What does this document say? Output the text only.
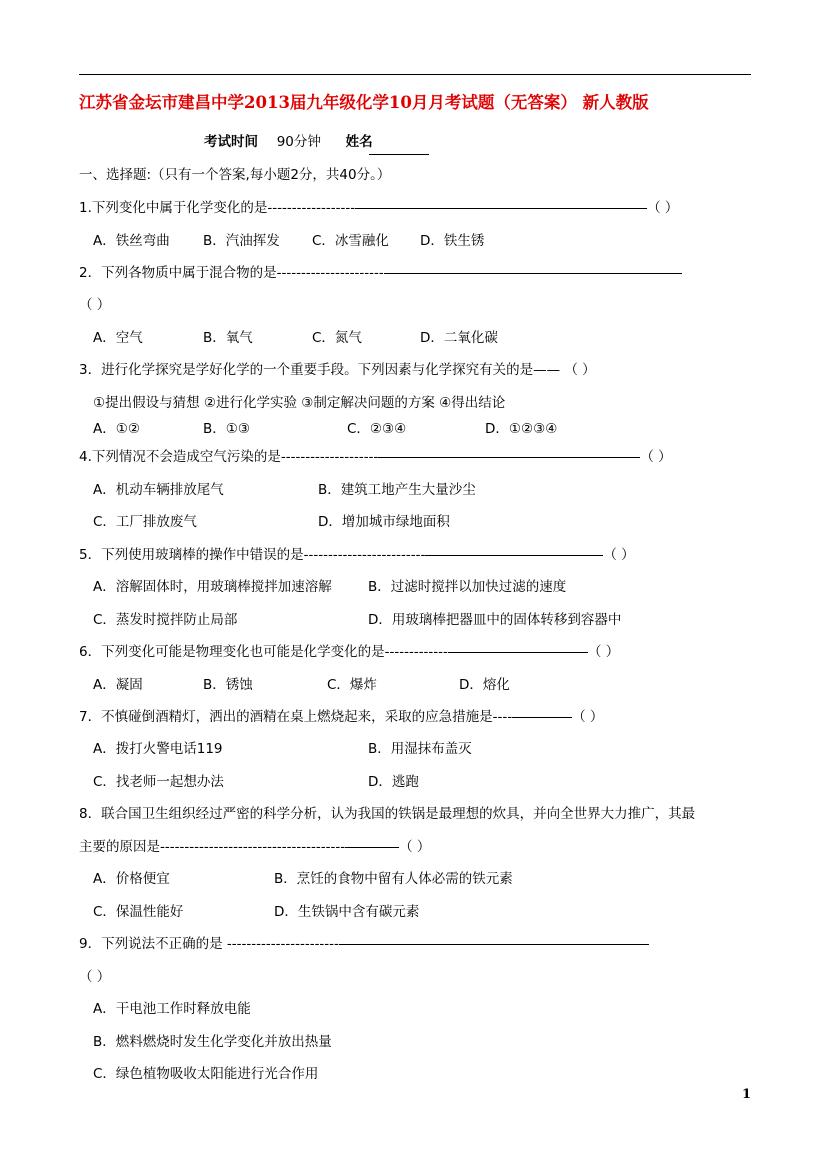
江苏省金坛市建昌中学2013届九年级化学10月月考试题（无答案） 新人教版
考试时间 90分钟 姓名
一、选择题:（只有一个答案,每小题2分，共40分。）
1.下列变化中属于化学变化的是------------------	（ ）
A．铁丝弯曲 B．汽油挥发 C．冰雪融化 D．铁生锈
2．下列各物质中属于混合物的是----------------------
（ ）
A．空气	B．氧气	C．氮气	D．二氧化碳
3．进行化学探究是学好化学的一个重要手段。下列因素与化学探究有关的是—— （ ）
①提出假设与猜想 ②进行化学实验 ③制定解决问题的方案 ④得出结论
A．①②	B．①③	C．②③④	D．①②③④
4.下列情况不会造成空气污染的是--------------------	（ ）
A．机动车辆排放尾气	B．建筑工地产生大量沙尘
C．工厂排放废气	D．增加城市绿地面积
5．下列使用玻璃棒的操作中错误的是-------------------------	（ ）
A．溶解固体时，用玻璃棒搅拌加速溶解	B．过滤时搅拌以加快过滤的速度
C．蒸发时搅拌防止局部	D．用玻璃棒把器皿中的固体转移到容器中
6．下列变化可能是物理变化也可能是化学变化的是-------------	（ ）
A．凝固	B．锈蚀	C．爆炸	D．熔化
7．不慎碰倒酒精灯，洒出的酒精在桌上燃烧起来，采取的应急措施是----	（ ）
A．拨打火警电话119	B．用湿抹布盖灭
C．找老师一起想办法	D．逃跑
8．联合国卫生组织经过严密的科学分析，认为我国的铁锅是最理想的炊具，并向全世界大力推广，其最
主要的原因是--------------------------------------	（ ）
A．价格便宜	B．烹饪的食物中留有人体必需的铁元素
C．保温性能好	D．生铁锅中含有碳元素
9．下列说法不正确的是 -----------------------
（ ）
A．干电池工作时释放电能
B．燃料燃烧时发生化学变化并放出热量
C．绿色植物吸收太阳能进行光合作用
1
